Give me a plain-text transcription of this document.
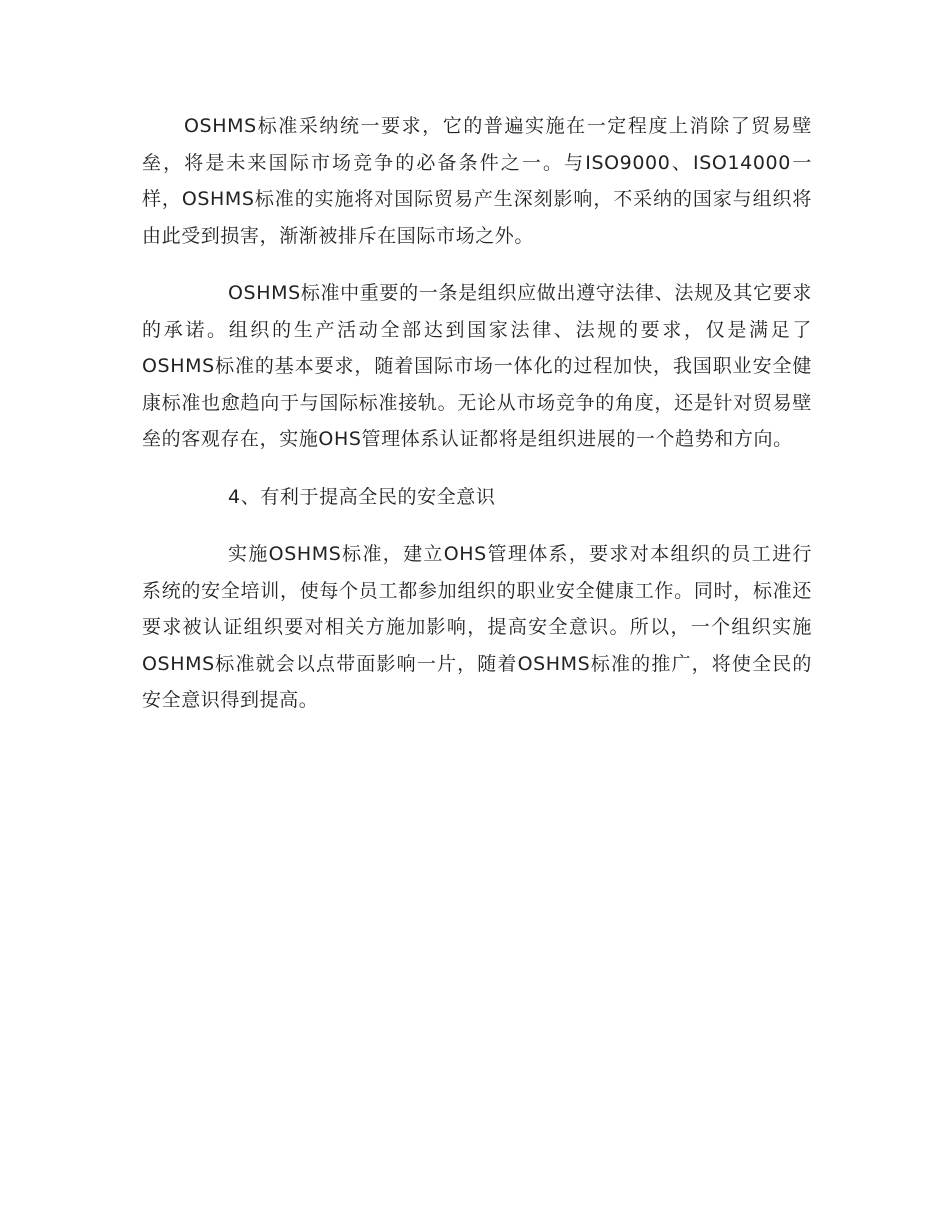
OSHMS标准采纳统一要求，它的普遍实施在一定程度上消除了贸易壁垒，将是未来国际市场竞争的必备条件之一。与ISO9000、ISO14000一样，OSHMS标准的实施将对国际贸易产生深刻影响，不采纳的国家与组织将由此受到损害，渐渐被排斥在国际市场之外。

OSHMS标准中重要的一条是组织应做出遵守法律、法规及其它要求的承诺。组织的生产活动全部达到国家法律、法规的要求，仅是满足了OSHMS标准的基本要求，随着国际市场一体化的过程加快，我国职业安全健康标准也愈趋向于与国际标准接轨。无论从市场竞争的角度，还是针对贸易壁垒的客观存在，实施OHS管理体系认证都将是组织进展的一个趋势和方向。

4、有利于提高全民的安全意识

实施OSHMS标准，建立OHS管理体系，要求对本组织的员工进行系统的安全培训，使每个员工都参加组织的职业安全健康工作。同时，标准还要求被认证组织要对相关方施加影响，提高安全意识。所以，一个组织实施OSHMS标准就会以点带面影响一片，随着OSHMS标准的推广，将使全民的安全意识得到提高。
